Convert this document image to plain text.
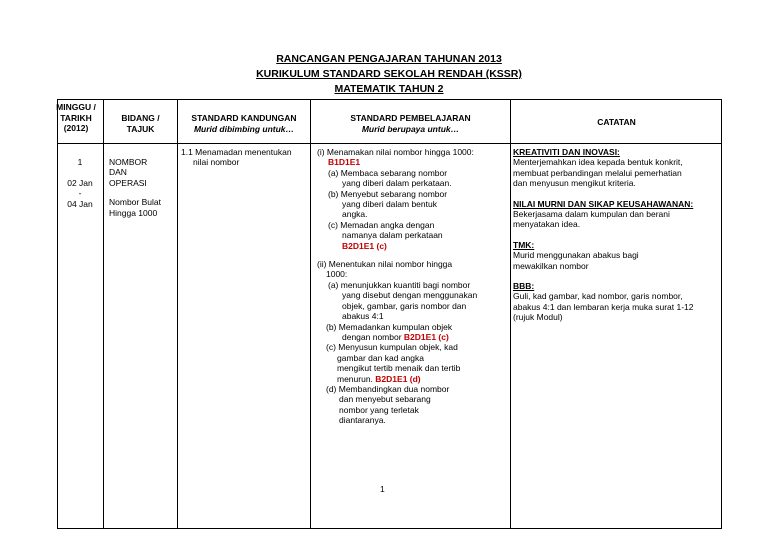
RANCANGAN PENGAJARAN TAHUNAN 2013
KURIKULUM STANDARD SEKOLAH RENDAH (KSSR)
MATEMATIK TAHUN 2
MINGGU /
TARIKH
(2012)
BIDANG /
TAJUK
STANDARD KANDUNGAN
Murid dibimbing untuk…
STANDARD PEMBELAJARAN
Murid berupaya untuk…
CATATAN
1
02 Jan
-
04 Jan
NOMBOR
DAN
OPERASI
Nombor Bulat
Hingga 1000
1.1 Menamadan menentukan
nilai nombor
(i) Menamakan nilai nombor hingga 1000:
B1D1E1
(a) Membaca sebarang nombor
yang diberi dalam perkataan.
(b) Menyebut sebarang nombor
yang diberi dalam bentuk
angka.
(c) Memadan angka dengan
namanya dalam perkataan
B2D1E1 (c)
(ii) Menentukan nilai nombor hingga
1000:
(a) menunjukkan kuantiti bagi nombor
yang disebut dengan menggunakan
objek, gambar, garis nombor dan
abakus 4:1
(b) Memadankan kumpulan objek
dengan nombor B2D1E1 (c)
(c) Menyusun kumpulan objek, kad
gambar dan kad angka
mengikut tertib menaik dan tertib
menurun. B2D1E1 (d)
(d) Membandingkan dua nombor
dan menyebut sebarang
nombor yang terletak
diantaranya.
KREATIVITI DAN INOVASI:
Menterjemahkan idea kepada bentuk konkrit,
membuat perbandingan melalui pemerhatian
dan menyusun mengikut kriteria.
NILAI MURNI DAN SIKAP KEUSAHAWANAN:
Bekerjasama dalam kumpulan dan berani
menyatakan idea.
TMK:
Murid menggunakan abakus bagi
mewakilkan nombor
BBB:
Guli, kad gambar, kad nombor, garis nombor,
abakus 4:1 dan lembaran kerja muka surat 1-12
(rujuk Modul)
1
